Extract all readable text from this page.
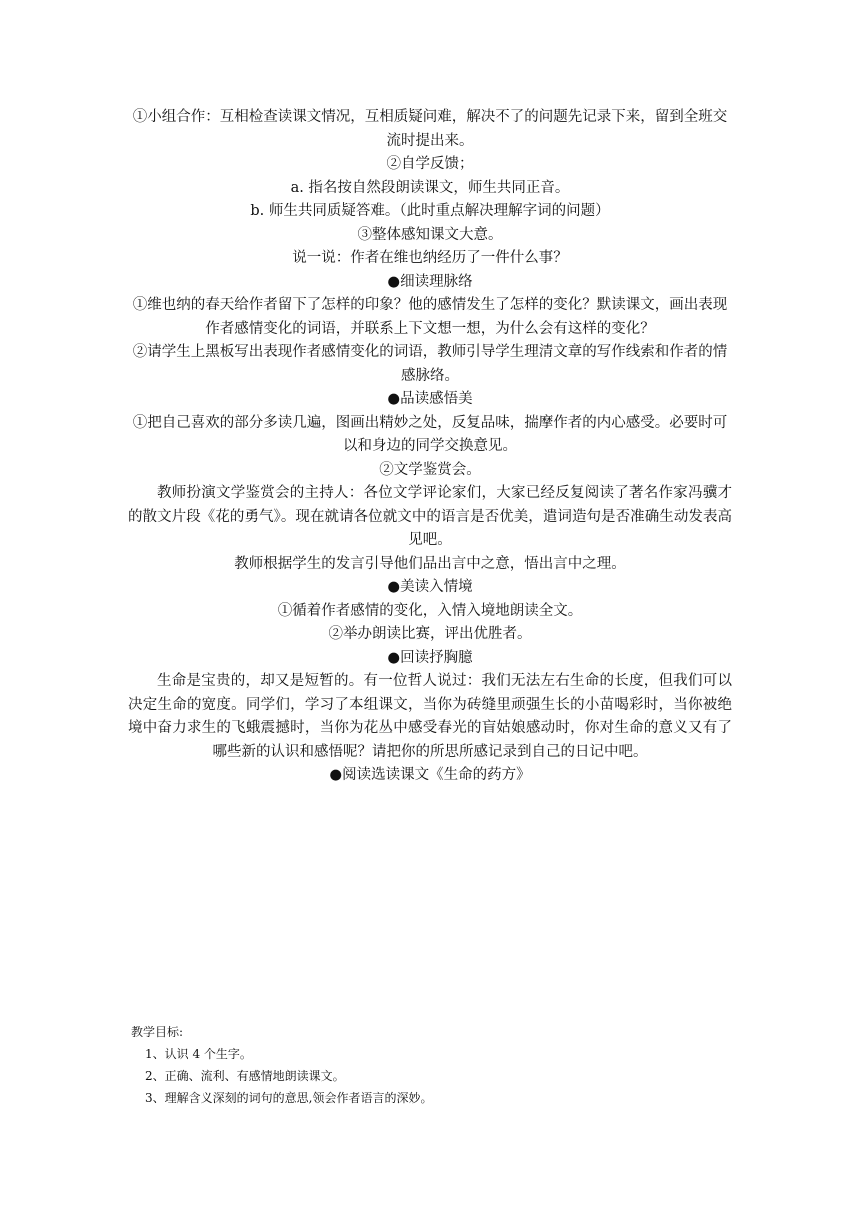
①小组合作：互相检查读课文情况，互相质疑问难，解决不了的问题先记录下来，留到全班交流时提出来。

②自学反馈；

a. 指名按自然段朗读课文，师生共同正音。

b. 师生共同质疑答难。（此时重点解决理解字词的问题）

③整体感知课文大意。

说一说：作者在维也纳经历了一件什么事？

●细读理脉络

①维也纳的春天给作者留下了怎样的印象？他的感情发生了怎样的变化？默读课文，画出表现作者感情变化的词语，并联系上下文想一想，为什么会有这样的变化？

②请学生上黑板写出表现作者感情变化的词语，教师引导学生理清文章的写作线索和作者的情感脉络。

●品读感悟美

①把自己喜欢的部分多读几遍，图画出精妙之处，反复品味，揣摩作者的内心感受。必要时可以和身边的同学交换意见。

②文学鉴赏会。

教师扮演文学鉴赏会的主持人：各位文学评论家们，大家已经反复阅读了著名作家冯骥才的散文片段《花的勇气》。现在就请各位就文中的语言是否优美，遣词造句是否准确生动发表高见吧。

教师根据学生的发言引导他们品出言中之意，悟出言中之理。

●美读入情境

①循着作者感情的变化，入情入境地朗读全文。

②举办朗读比赛，评出优胜者。

●回读抒胸臆

生命是宝贵的，却又是短暂的。有一位哲人说过：我们无法左右生命的长度，但我们可以决定生命的宽度。同学们，学习了本组课文，当你为砖缝里顽强生长的小苗喝彩时，当你被绝境中奋力求生的飞蛾震撼时，当你为花丛中感受春光的盲姑娘感动时，你对生命的意义又有了哪些新的认识和感悟呢？请把你的所思所感记录到自己的日记中吧。

●阅读选读课文《生命的药方》

教学目标:

1、认识 4 个生字。

2、正确、流利、有感情地朗读课文。

3、理解含义深刻的词句的意思,领会作者语言的深妙。
